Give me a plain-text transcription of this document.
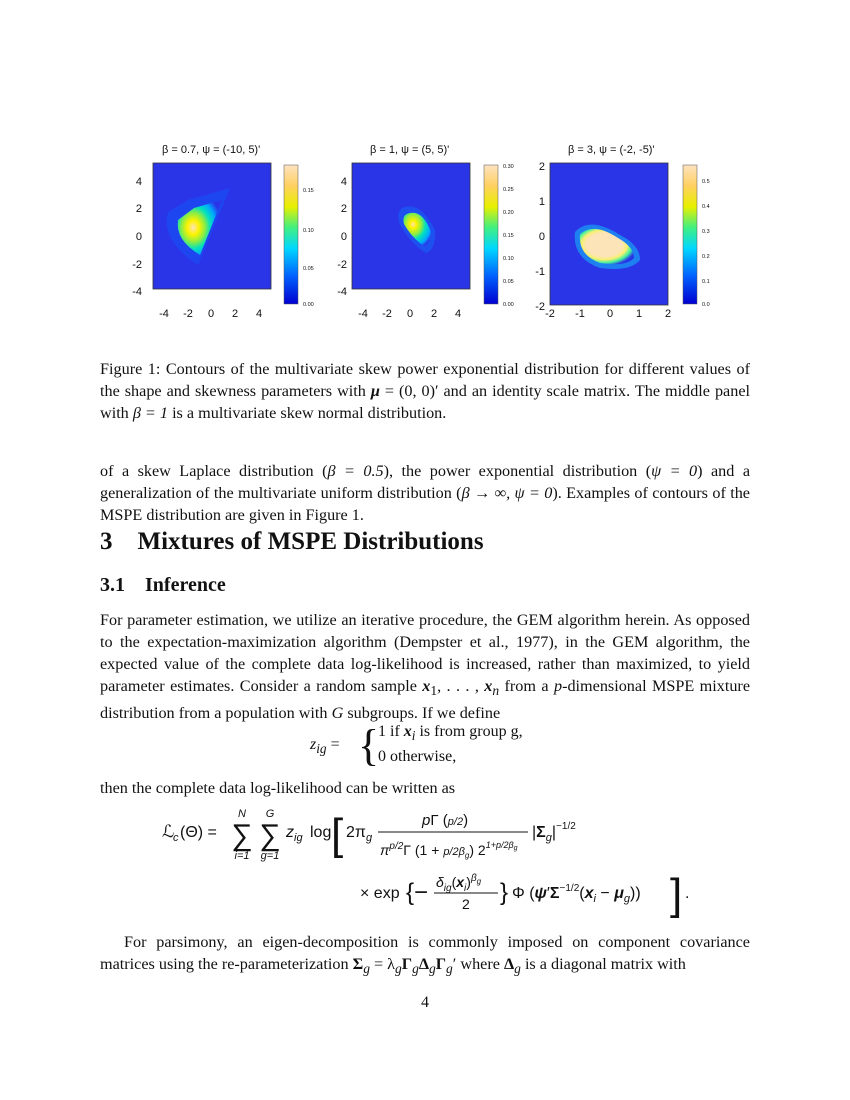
β = 0.7, ψ = (-10, 5)'	β = 1, ψ = (5, 5)'	β = 3, ψ = (-2, -5)'
4
2
0
-2
-4
-4 -2 0 2 4
0.15
0.10
0.05
0.00
4
2
0
-2
-4
-4 -2 0 2 4
0.30
0.25
0.20
0.15
0.10
0.05
0.00
2
1
0
-1
-2
-2 -1 0 1 2
0.5
0.4
0.3
0.2
0.1
0.0
Figure 1: Contours of the multivariate skew power exponential distribution for different values of the shape and skewness parameters with μ = (0, 0)′ and an identity scale matrix. The middle panel with β = 1 is a multivariate skew normal distribution.
of a skew Laplace distribution (β = 0.5), the power exponential distribution (ψ = 0) and a generalization of the multivariate uniform distribution (β → ∞, ψ = 0). Examples of contours of the MSPE distribution are given in Figure 1.
3 Mixtures of MSPE Distributions
3.1 Inference
For parameter estimation, we utilize an iterative procedure, the GEM algorithm herein. As opposed to the expectation-maximization algorithm (Dempster et al., 1977), in the GEM algorithm, the expected value of the complete data log-likelihood is increased, rather than maximized, to yield parameter estimates. Consider a random sample $x_1$, . . . , $x_n$ from a p-dimensional MSPE mixture distribution from a population with G subgroups. If we define
$z_{ig}$ = {
1 if $x_i$ is from group g,
0 otherwise,
then the complete data log-likelihood can be written as
ℒ
c (Θ) =
N
∑
i=1
G
∑
g=1
$z_{ig}$ log [ $2\pi_g$
pΓ (p/2)
$\pi^{p/2}\Gamma$ $(1 + p/2\beta_g)$ $2^{1+p/2\beta}g$
$|\Sigma_g|^{-1/2}$
× exp {− $\delta_{ig}(x_i)^\beta_g$
2 } Φ $(\psi'\Sigma^{-1/2}(x_i - \mu_g))$ ] .
For parsimony, an eigen-decomposition is commonly imposed on component covariance matrices using the re-parameterization $\Sigma_g = \lambda_g\Gamma_g\Delta_g\Gamma_g'$ where $\Delta_g$ is a diagonal matrix with
4
